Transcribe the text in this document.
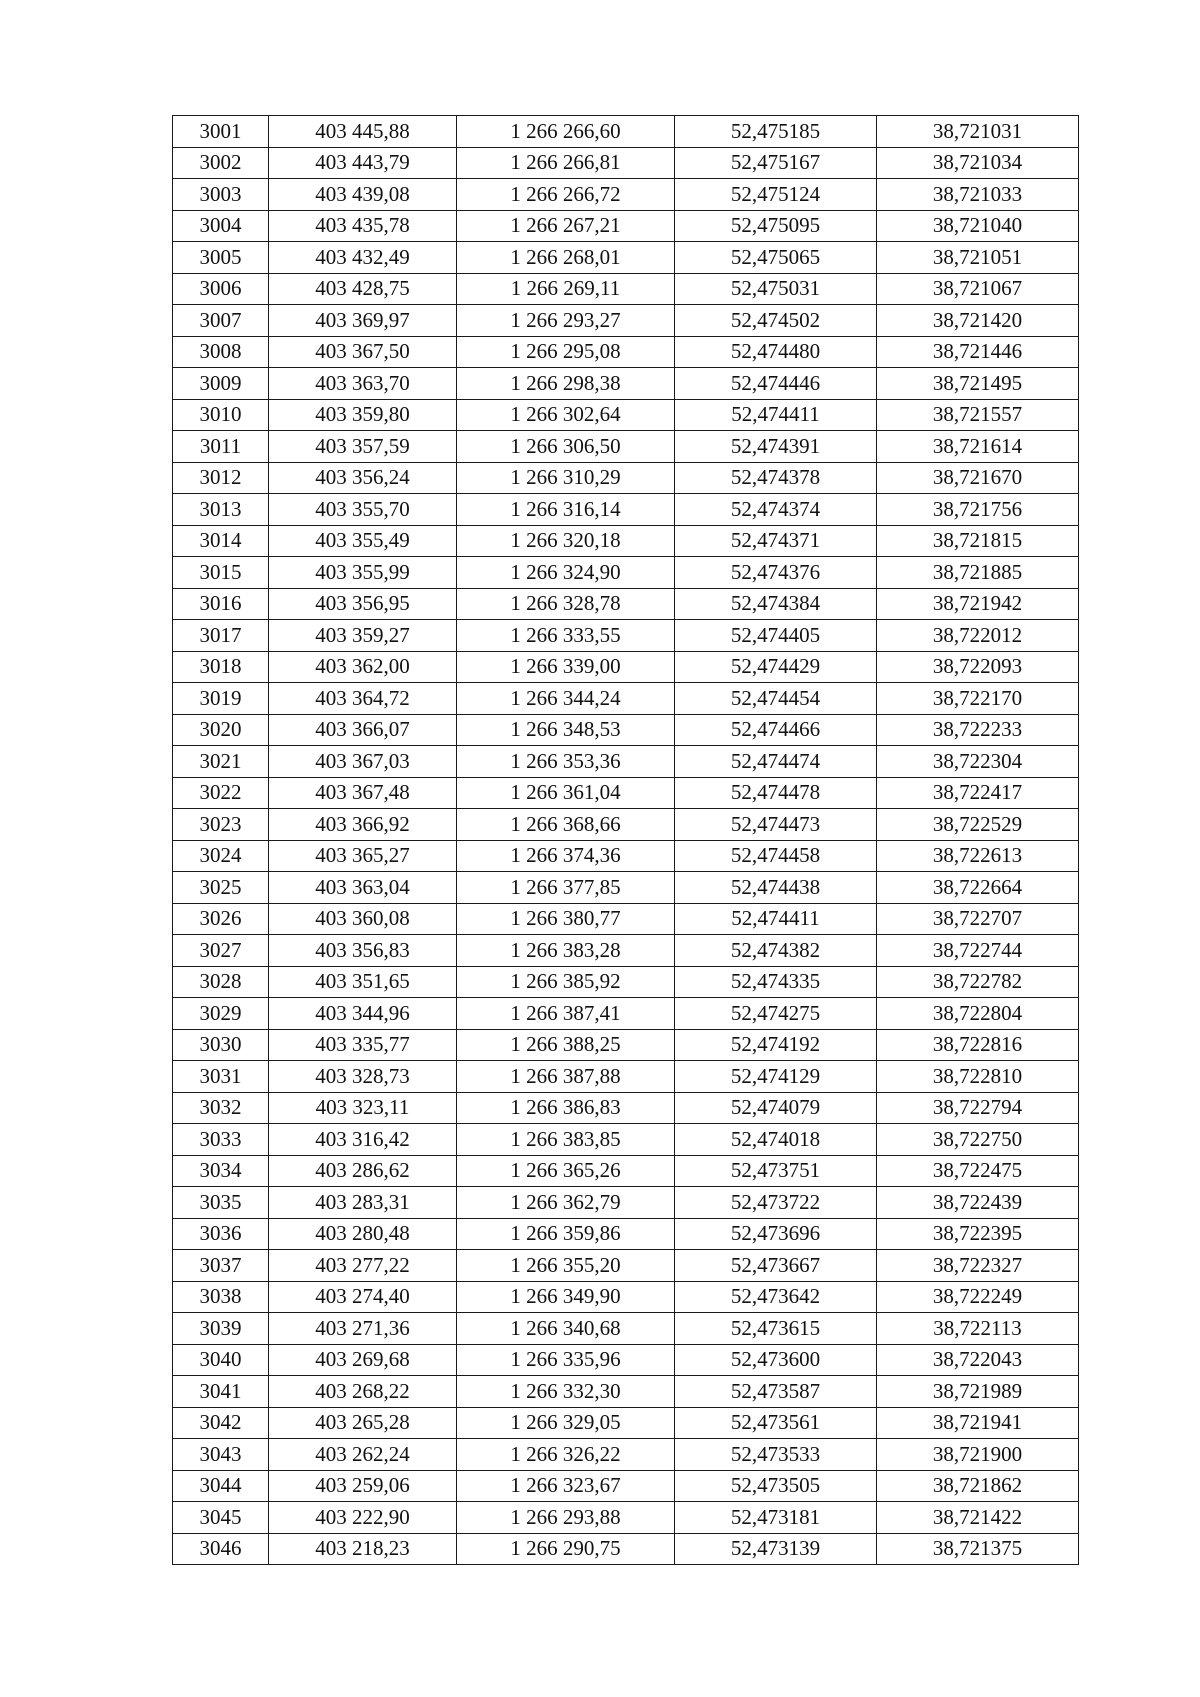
3001	403 445,88	1 266 266,60	52,475185	38,721031
3002	403 443,79	1 266 266,81	52,475167	38,721034
3003	403 439,08	1 266 266,72	52,475124	38,721033
3004	403 435,78	1 266 267,21	52,475095	38,721040
3005	403 432,49	1 266 268,01	52,475065	38,721051
3006	403 428,75	1 266 269,11	52,475031	38,721067
3007	403 369,97	1 266 293,27	52,474502	38,721420
3008	403 367,50	1 266 295,08	52,474480	38,721446
3009	403 363,70	1 266 298,38	52,474446	38,721495
3010	403 359,80	1 266 302,64	52,474411	38,721557
3011	403 357,59	1 266 306,50	52,474391	38,721614
3012	403 356,24	1 266 310,29	52,474378	38,721670
3013	403 355,70	1 266 316,14	52,474374	38,721756
3014	403 355,49	1 266 320,18	52,474371	38,721815
3015	403 355,99	1 266 324,90	52,474376	38,721885
3016	403 356,95	1 266 328,78	52,474384	38,721942
3017	403 359,27	1 266 333,55	52,474405	38,722012
3018	403 362,00	1 266 339,00	52,474429	38,722093
3019	403 364,72	1 266 344,24	52,474454	38,722170
3020	403 366,07	1 266 348,53	52,474466	38,722233
3021	403 367,03	1 266 353,36	52,474474	38,722304
3022	403 367,48	1 266 361,04	52,474478	38,722417
3023	403 366,92	1 266 368,66	52,474473	38,722529
3024	403 365,27	1 266 374,36	52,474458	38,722613
3025	403 363,04	1 266 377,85	52,474438	38,722664
3026	403 360,08	1 266 380,77	52,474411	38,722707
3027	403 356,83	1 266 383,28	52,474382	38,722744
3028	403 351,65	1 266 385,92	52,474335	38,722782
3029	403 344,96	1 266 387,41	52,474275	38,722804
3030	403 335,77	1 266 388,25	52,474192	38,722816
3031	403 328,73	1 266 387,88	52,474129	38,722810
3032	403 323,11	1 266 386,83	52,474079	38,722794
3033	403 316,42	1 266 383,85	52,474018	38,722750
3034	403 286,62	1 266 365,26	52,473751	38,722475
3035	403 283,31	1 266 362,79	52,473722	38,722439
3036	403 280,48	1 266 359,86	52,473696	38,722395
3037	403 277,22	1 266 355,20	52,473667	38,722327
3038	403 274,40	1 266 349,90	52,473642	38,722249
3039	403 271,36	1 266 340,68	52,473615	38,722113
3040	403 269,68	1 266 335,96	52,473600	38,722043
3041	403 268,22	1 266 332,30	52,473587	38,721989
3042	403 265,28	1 266 329,05	52,473561	38,721941
3043	403 262,24	1 266 326,22	52,473533	38,721900
3044	403 259,06	1 266 323,67	52,473505	38,721862
3045	403 222,90	1 266 293,88	52,473181	38,721422
3046	403 218,23	1 266 290,75	52,473139	38,721375
